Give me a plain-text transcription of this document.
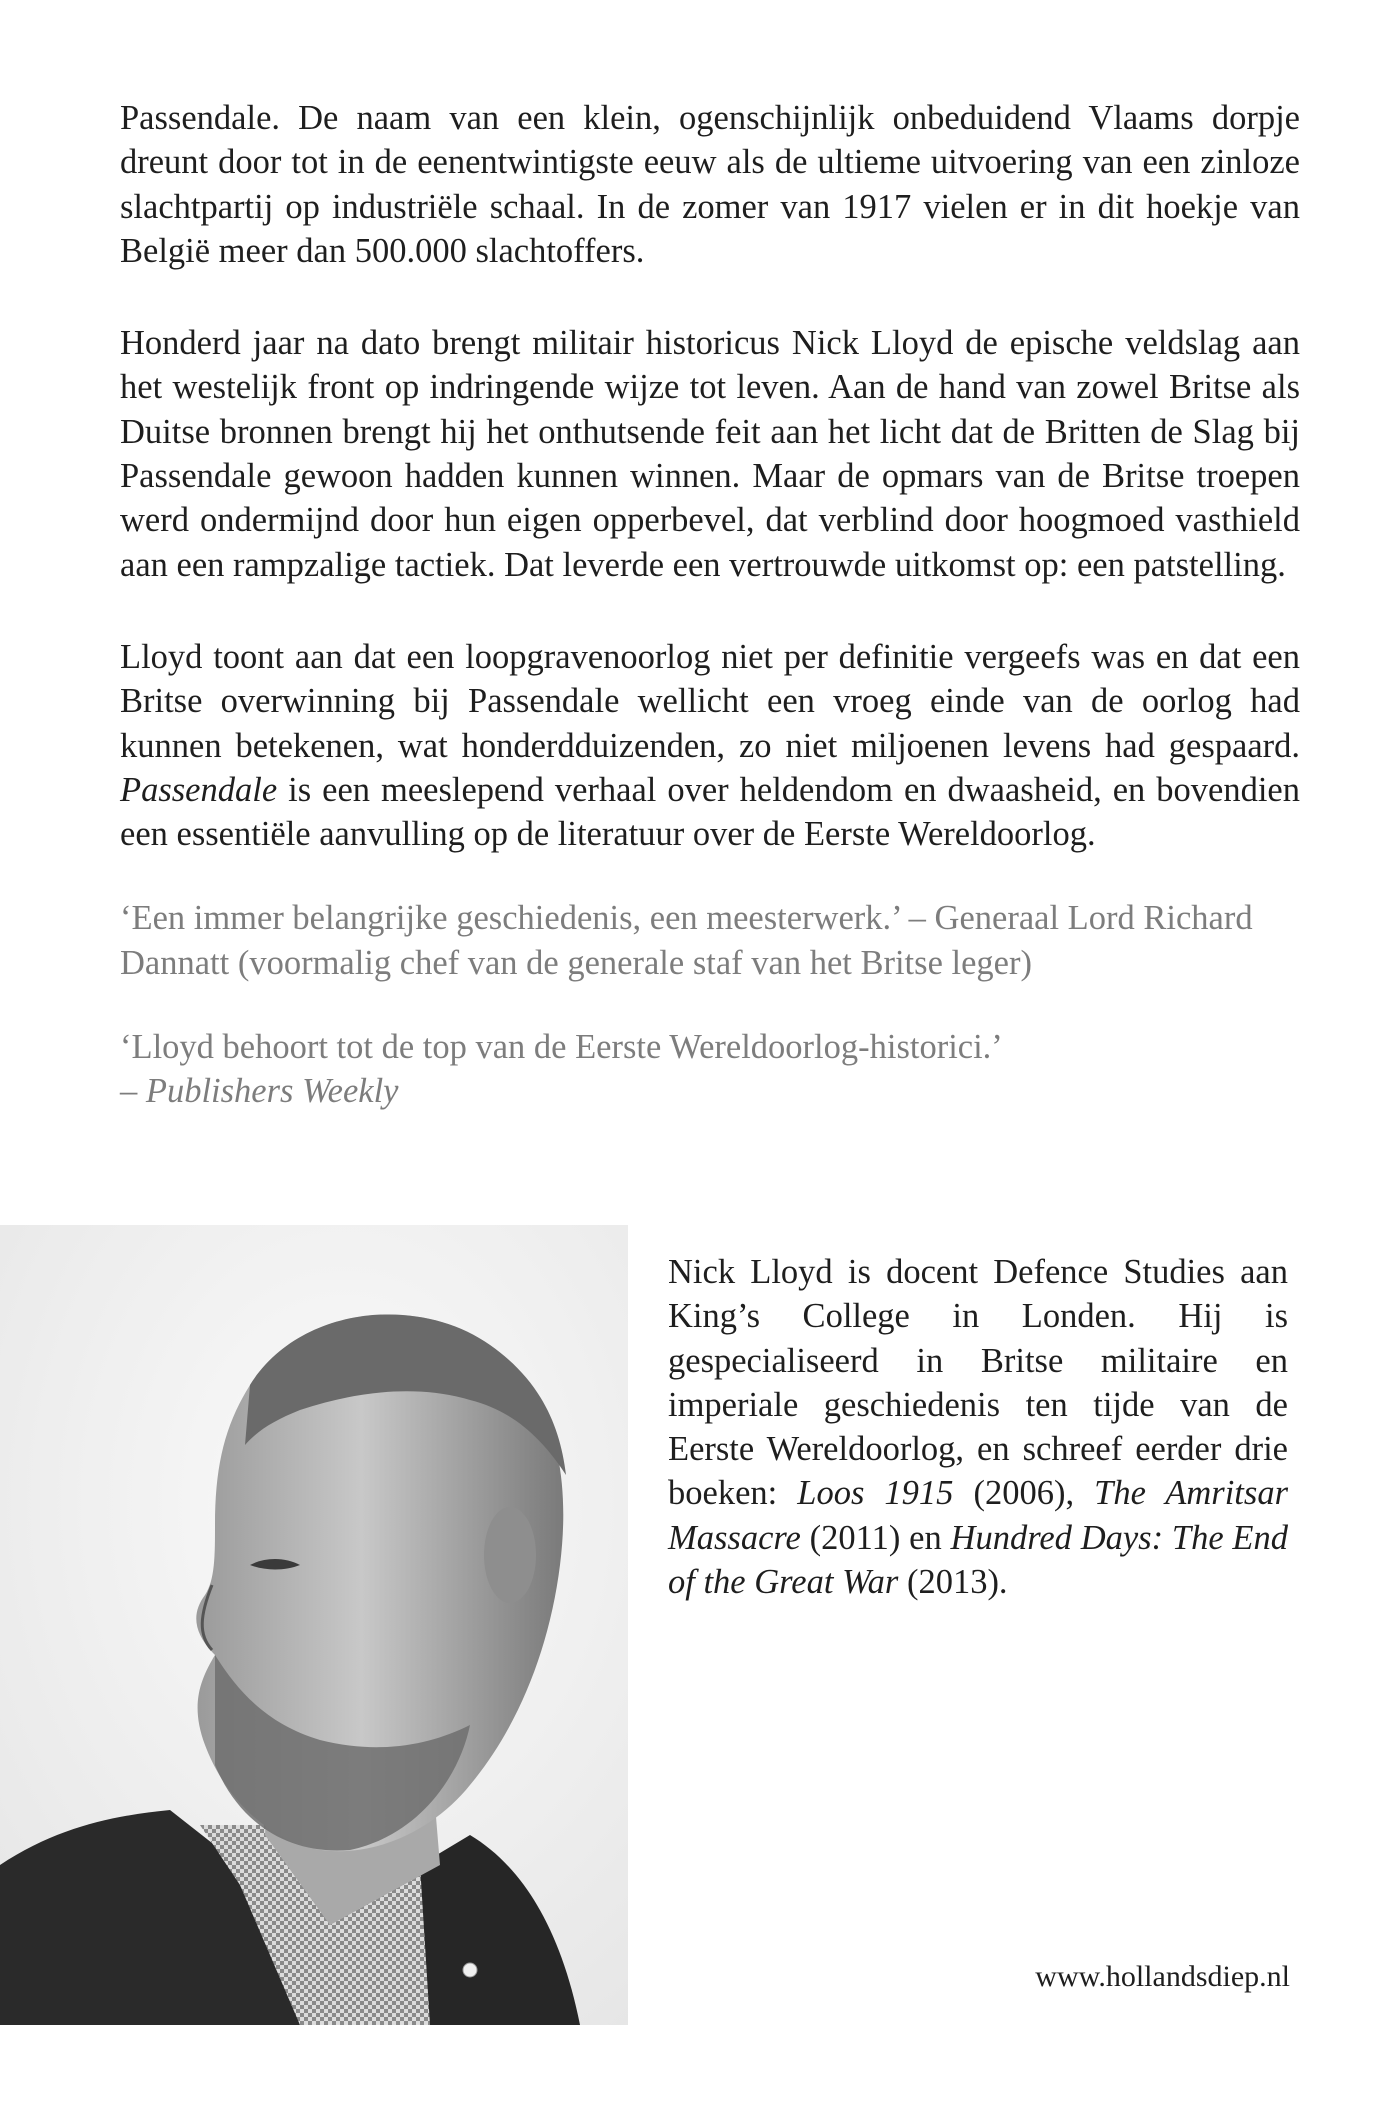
Passendale. De naam van een klein, ogenschijnlijk onbeduidend Vlaams dorpje dreunt door tot in de eenentwintigste eeuw als de ultieme uitvoering van een zinloze slachtpartij op industriële schaal. In de zomer van 1917 vielen er in dit hoekje van België meer dan 500.000 slachtoffers.

Honderd jaar na dato brengt militair historicus Nick Lloyd de epische veldslag aan het westelijk front op indringende wijze tot leven. Aan de hand van zowel Britse als Duitse bronnen brengt hij het onthutsende feit aan het licht dat de Britten de Slag bij Passendale gewoon hadden kunnen winnen. Maar de opmars van de Britse troepen werd ondermijnd door hun eigen opperbevel, dat verblind door hoogmoed vasthield aan een rampzalige tactiek. Dat leverde een vertrouwde uitkomst op: een patstelling.

Lloyd toont aan dat een loopgravenoorlog niet per definitie vergeefs was en dat een Britse overwinning bij Passendale wellicht een vroeg einde van de oorlog had kunnen betekenen, wat honderdduizenden, zo niet miljoenen levens had gespaard. Passendale is een meeslepend verhaal over heldendom en dwaasheid, en bovendien een essentiële aanvulling op de literatuur over de Eerste Wereldoorlog.

‘Een immer belangrijke geschiedenis, een meesterwerk.’ – Generaal Lord Richard Dannatt (voormalig chef van de generale staf van het Britse leger)

‘Lloyd behoort tot de top van de Eerste Wereldoorlog-historici.’
– Publishers Weekly

Nick Lloyd is docent Defence Studies aan King’s College in Londen. Hij is gespecialiseerd in Britse militaire en imperiale geschiedenis ten tijde van de Eerste Wereldoorlog, en schreef eerder drie boeken: Loos 1915 (2006), The Amritsar Massacre (2011) en Hundred Days: The End of the Great War (2013).

www.hollandsdiep.nl
